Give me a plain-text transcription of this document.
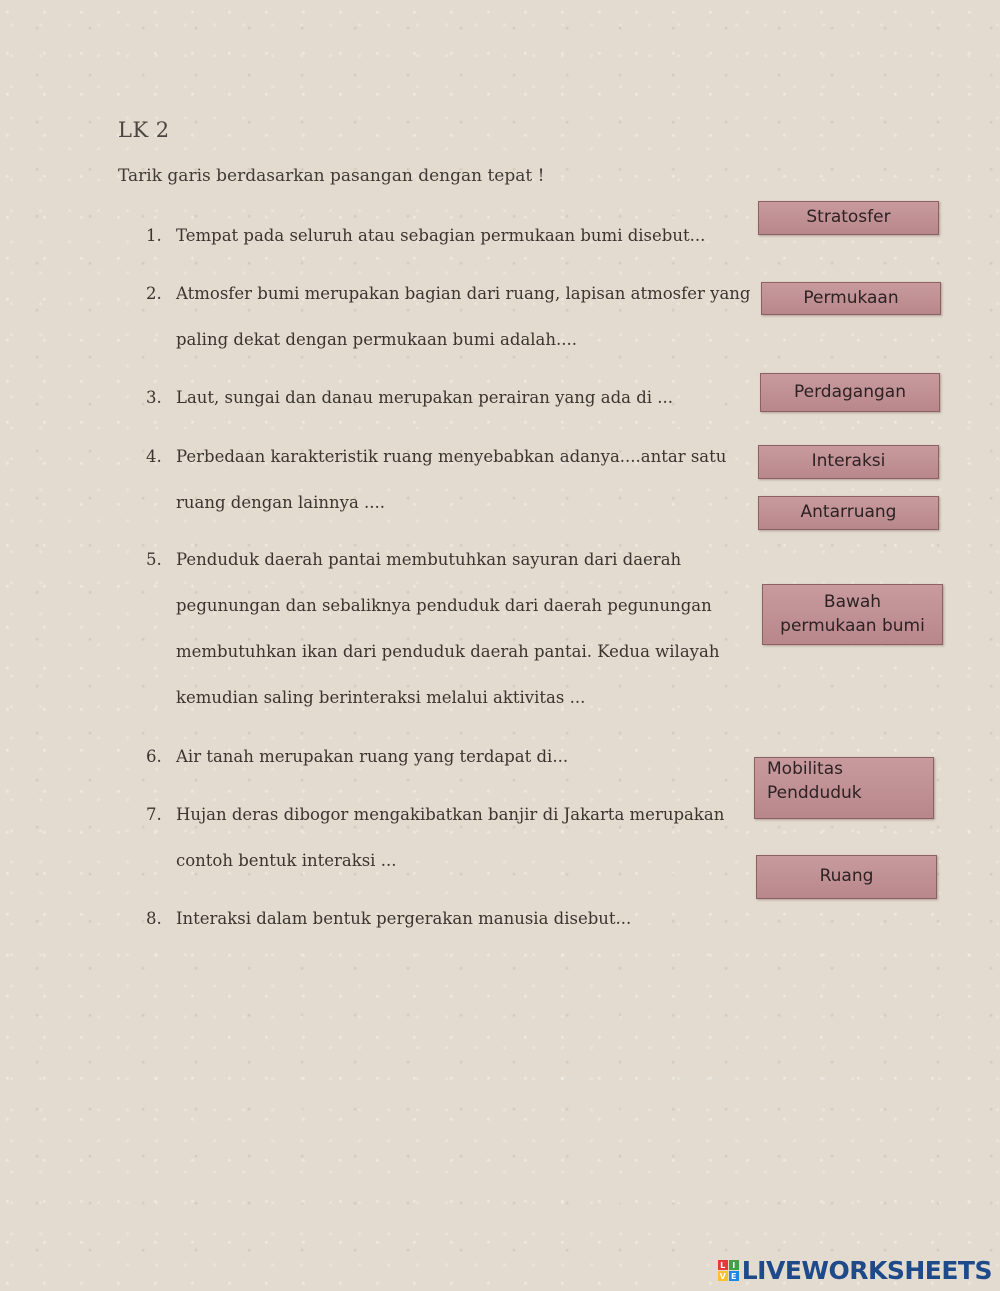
LK 2
Tarik garis berdasarkan pasangan dengan tepat !
1. Tempat pada seluruh atau sebagian permukaan bumi disebut...
2. Atmosfer bumi merupakan bagian dari ruang, lapisan atmosfer yang
paling dekat dengan permukaan bumi adalah....
3. Laut, sungai dan danau merupakan perairan yang ada di ...
4. Perbedaan karakteristik ruang menyebabkan adanya....antar satu
ruang dengan lainnya ....
5. Penduduk daerah pantai membutuhkan sayuran dari daerah
pegunungan dan sebaliknya penduduk dari daerah pegunungan
membutuhkan ikan dari penduduk daerah pantai. Kedua wilayah
kemudian saling berinteraksi melalui aktivitas ...
6. Air tanah merupakan ruang yang terdapat di...
7. Hujan deras dibogor mengakibatkan banjir di Jakarta merupakan
contoh bentuk interaksi ...
8. Interaksi dalam bentuk pergerakan manusia disebut...
Stratosfer
Permukaan
Perdagangan
Interaksi
Antarruang
Bawah
permukaan bumi
Mobilitas
Pendduduk
Ruang
L I
V E LIVEWORKSHEETS
